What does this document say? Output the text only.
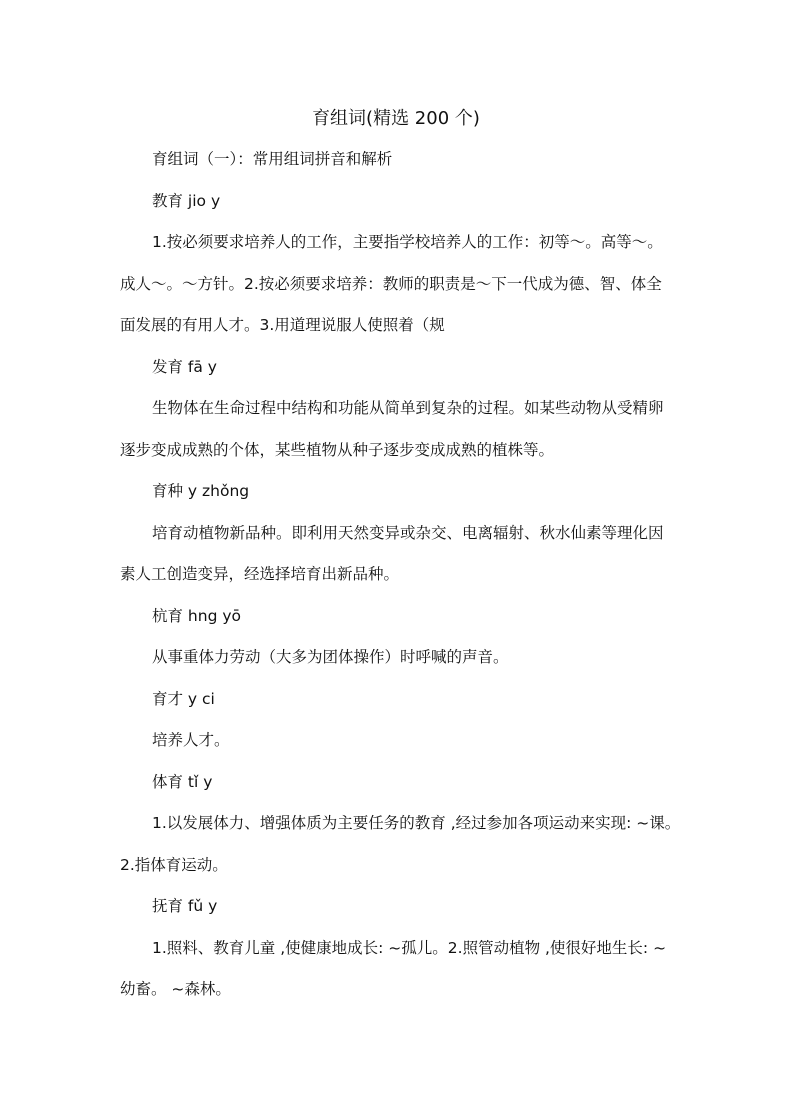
育组词(精选 200 个)
育组词（一）：常用组词拼音和解析
教育 jio y
1.按必须要求培养人的工作，主要指学校培养人的工作：初等～。高等～。
成人～。～方针。2.按必须要求培养：教师的职责是～下一代成为德、智、体全
面发展的有用人才。3.用道理说服人使照着（规
发育 fā y
生物体在生命过程中结构和功能从简单到复杂的过程。如某些动物从受精卵
逐步变成成熟的个体，某些植物从种子逐步变成成熟的植株等。
育种 y zhǒng
培育动植物新品种。即利用天然变异或杂交、电离辐射、秋水仙素等理化因
素人工创造变异，经选择培育出新品种。
杭育 hng yō
从事重体力劳动（大多为团体操作）时呼喊的声音。
育才 y ci
培养人才。
体育 tǐ y
1.以发展体力、增强体质为主要任务的教育 ,经过参加各项运动来实现: ~课。
2.指体育运动。
抚育 fǔ y
1.照料、教育儿童 ,使健康地成长: ~孤儿。2.照管动植物 ,使很好地生长: ~
幼畜。 ~森林。
